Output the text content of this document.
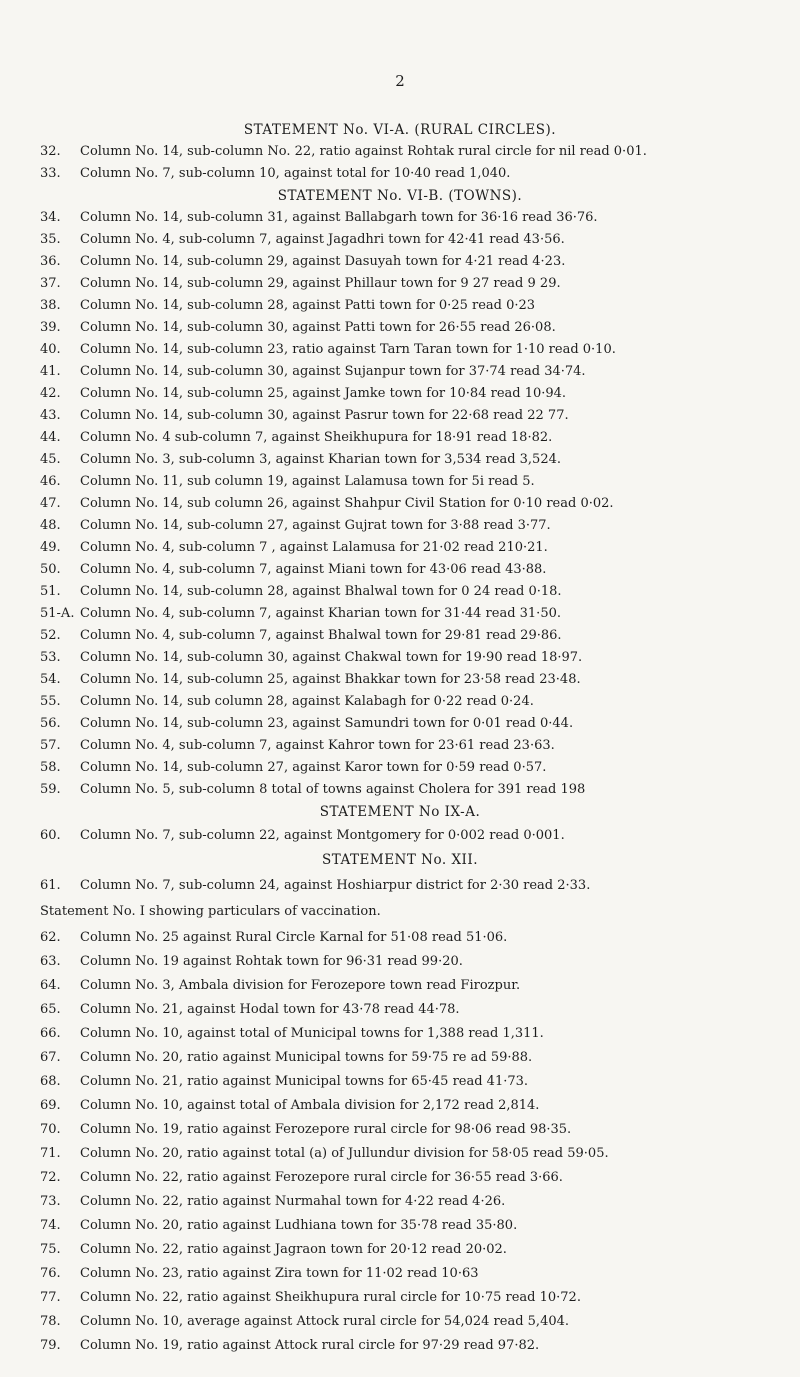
2
STATEMENT No. VI-A. (RURAL CIRCLES).
32.	Column No. 14, sub-column No. 22, ratio against Rohtak rural circle for nil read 0·01.
33.	Column No. 7, sub-column 10, against total for 10·40 read 1,040.
STATEMENT No. VI-B. (TOWNS).
34.	Column No. 14, sub-column 31, against Ballabgarh town for 36·16 read 36·76.
35.	Column No. 4, sub-column 7, against Jagadhri town for 42·41 read 43·56.
36.	Column No. 14, sub-column 29, against Dasuyah town for 4·21 read 4·23.
37.	Column No. 14, sub-column 29, against Phillaur town for 9 27 read 9 29.
38.	Column No. 14, sub-column 28, against Patti town for 0·25 read 0·23
39.	Column No. 14, sub-column 30, against Patti town for 26·55 read 26·08.
40.	Column No. 14, sub-column 23, ratio against Tarn Taran town for 1·10 read 0·10.
41.	Column No. 14, sub-column 30, against Sujanpur town for 37·74 read 34·74.
42.	Column No. 14, sub-column 25, against Jamke town for 10·84 read 10·94.
43.	Column No. 14, sub-column 30, against Pasrur town for 22·68 read 22 77.
44.	Column No. 4 sub-column 7, against Sheikhupura for 18·91 read 18·82.
45.	Column No. 3, sub-column 3, against Kharian town for 3,534 read 3,524.
46.	Column No. 11, sub column 19, against Lalamusa town for 5i read 5.
47.	Column No. 14, sub column 26, against Shahpur Civil Station for 0·10 read 0·02.
48.	Column No. 14, sub-column 27, against Gujrat town for 3·88 read 3·77.
49.	Column No. 4, sub-column 7 , against Lalamusa for 21·02 read 210·21.
50.	Column No. 4, sub-column 7, against Miani town for 43·06 read 43·88.
51.	Column No. 14, sub-column 28, against Bhalwal town for 0 24 read 0·18.
51-A. Column No. 4, sub-column 7, against Kharian town for 31·44 read 31·50.
52.	Column No. 4, sub-column 7, against Bhalwal town for 29·81 read 29·86.
53.	Column No. 14, sub-column 30, against Chakwal town for 19·90 read 18·97.
54.	Column No. 14, sub-column 25, against Bhakkar town for 23·58 read 23·48.
55.	Column No. 14, sub column 28, against Kalabagh for 0·22 read 0·24.
56.	Column No. 14, sub-column 23, against Samundri town for 0·01 read 0·44.
57.	Column No. 4, sub-column 7, against Kahror town for 23·61 read 23·63.
58.	Column No. 14, sub-column 27, against Karor town for 0·59 read 0·57.
59.	Column No. 5, sub-column 8 total of towns against Cholera for 391 read 198
STATEMENT No IX-A.
60.	Column No. 7, sub-column 22, against Montgomery for 0·002 read 0·001.
STATEMENT No. XII.
61.	Column No. 7, sub-column 24, against Hoshiarpur district for 2·30 read 2·33.
Statement No. I showing particulars of vaccination.
62.	Column No. 25 against Rural Circle Karnal for 51·08 read 51·06.
63.	Column No. 19 against Rohtak town for 96·31 read 99·20.
64.	Column No. 3, Ambala division for Ferozepore town read Firozpur.
65.	Column No. 21, against Hodal town for 43·78 read 44·78.
66.	Column No. 10, against total of Municipal towns for 1,388 read 1,311.
67.	Column No. 20, ratio against Municipal towns for 59·75 re ad 59·88.
68.	Column No. 21, ratio against Municipal towns for 65·45 read 41·73.
69.	Column No. 10, against total of Ambala division for 2,172 read 2,814.
70.	Column No. 19, ratio against Ferozepore rural circle for 98·06 read 98·35.
71.	Column No. 20, ratio against total (a) of Jullundur division for 58·05 read 59·05.
72.	Column No. 22, ratio against Ferozepore rural circle for 36·55 read 3·66.
73.	Column No. 22, ratio against Nurmahal town for 4·22 read 4·26.
74.	Column No. 20, ratio against Ludhiana town for 35·78 read 35·80.
75.	Column No. 22, ratio against Jagraon town for 20·12 read 20·02.
76.	Column No. 23, ratio against Zira town for 11·02 read 10·63
77.	Column No. 22, ratio against Sheikhupura rural circle for 10·75 read 10·72.
78.	Column No. 10, average against Attock rural circle for 54,024 read 5,404.
79.	Column No. 19, ratio against Attock rural circle for 97·29 read 97·82.
